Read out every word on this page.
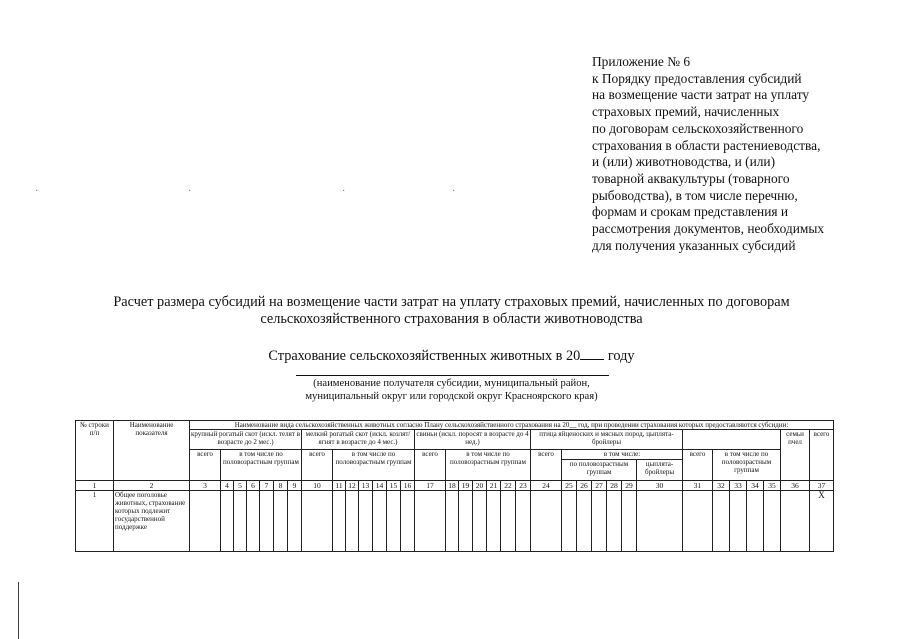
Приложение № 6
к Порядку предоставления субсидий
на возмещение части затрат на уплату
страховых премий, начисленных
по договорам сельскохозяйственного
страхования в области растениеводства,
и (или) животноводства, и (или)
товарной аквакультуры (товарного
рыбоводства), в том числе перечню,
формам и срокам представления и
рассмотрения документов, необходимых
для получения указанных субсидий
·	·	·	·
Расчет размера субсидий на возмещение части затрат на уплату страховых премий, начисленных по договорам
сельскохозяйственного страхования в области животноводства
Страхование сельскохозяйственных животных в 20 году
(наименование получателя субсидии, муниципальный район,
муниципальный округ или городской округ Красноярского края)
№ строки п/п	Наименование показателя	Наименование вида сельскохозяйственных животных согласно Плану сельскохозяйственного страхования на 20__ год, при проведении страхования которых предоставляются субсидии:																																		
		крупный рогатый скот (искл. телят в возрасте до 2 мес.)							мелкий рогатый скот (искл. козлят/ягнят в возрасте до 4 мес.)							свиньи (искл. поросят в возрасте до 4 нед.)							птица яйценоских и мясных пород, цыплята-бройлеры												семьи пчел	всего
		всего	в том числе по половозрастным группам						всего	в том числе по половозрастным группам						всего	в том числе по половозрастным группам						всего	в том числе:						всего	в том числе по половозрастным группам					
																								по половозрастным группам					цыплята-бройлеры							
1	2	3	4	5	6	7	8	9	10	11	12	13	14	15	16	17	18	19	20	21	22	23	24	25	26	27	28	29	30	31	32	33	34	35	36	37
1	Общее поголовье животных, страхование которых подлежит государственной поддержке																																			X
